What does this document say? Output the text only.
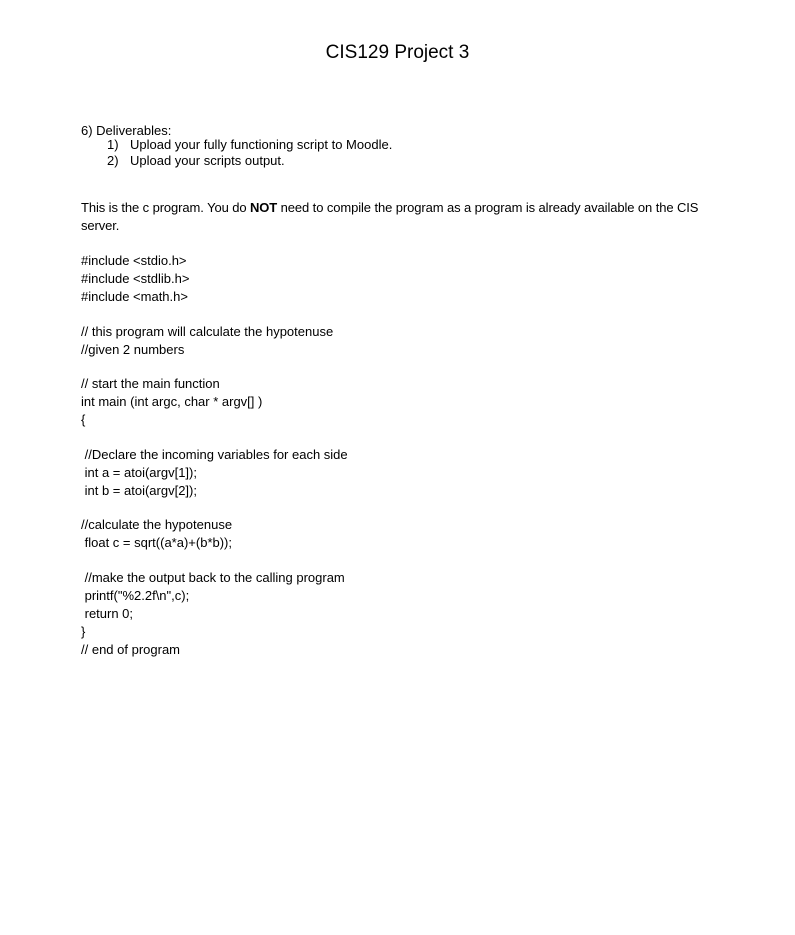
CIS129 Project 3
6) Deliverables:
1) Upload your fully functioning script to Moodle.
2) Upload your scripts output.
This is the c program. You do NOT need to compile the program as a program is already available on the CIS server.
#include <stdio.h>
#include <stdlib.h>
#include <math.h>
// this program will calculate the hypotenuse
//given 2 numbers
// start the main function
int main (int argc, char * argv[] )
{
//Declare the incoming variables for each side
int a = atoi(argv[1]);
int b = atoi(argv[2]);
//calculate the hypotenuse
float c = sqrt((a*a)+(b*b));
//make the output back to the calling program
printf("%2.2f\n",c);
return 0;
}
// end of program
